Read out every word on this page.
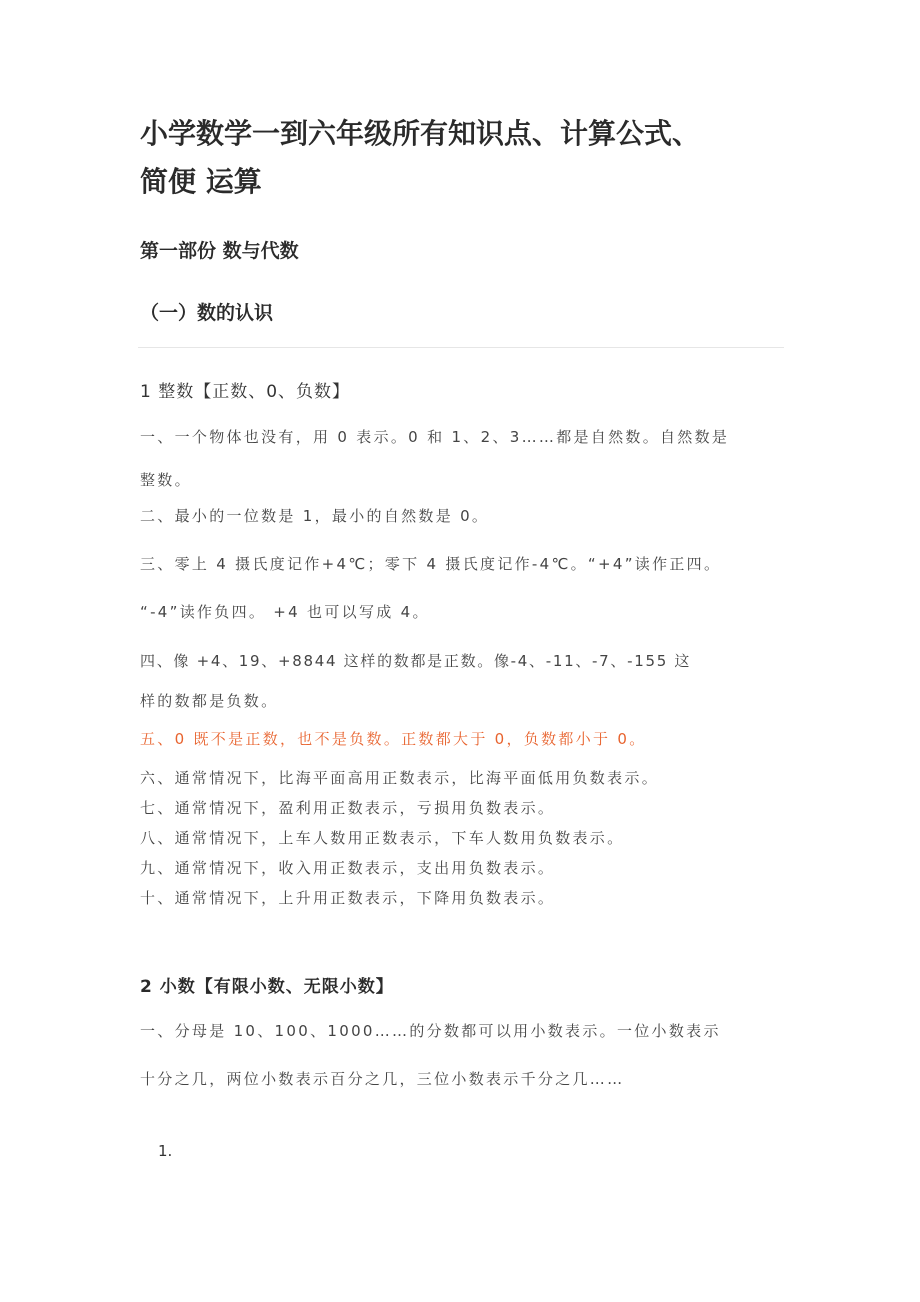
小学数学一到六年级所有知识点、计算公式、
简便 运算
第一部份 数与代数
（一）数的认识
1 整数【正数、0、负数】
一、一个物体也没有，用 0 表示。0 和 1、2、3……都是自然数。自然数是
整数。
二、最小的一位数是 1，最小的自然数是 0。
三、零上 4 摄氏度记作+4℃；零下 4 摄氏度记作-4℃。“+4”读作正四。
“-4”读作负四。 +4 也可以写成 4。
四、像 +4、19、+8844 这样的数都是正数。像-4、-11、-7、-155 这
样的数都是负数。
五、0 既不是正数，也不是负数。正数都大于 0，负数都小于 0。
六、通常情况下，比海平面高用正数表示，比海平面低用负数表示。
七、通常情况下，盈利用正数表示，亏损用负数表示。
八、通常情况下，上车人数用正数表示，下车人数用负数表示。
九、通常情况下，收入用正数表示，支出用负数表示。
十、通常情况下，上升用正数表示，下降用负数表示。
2 小数【有限小数、无限小数】
一、分母是 10、100、1000……的分数都可以用小数表示。一位小数表示
十分之几，两位小数表示百分之几，三位小数表示千分之几……
1.
